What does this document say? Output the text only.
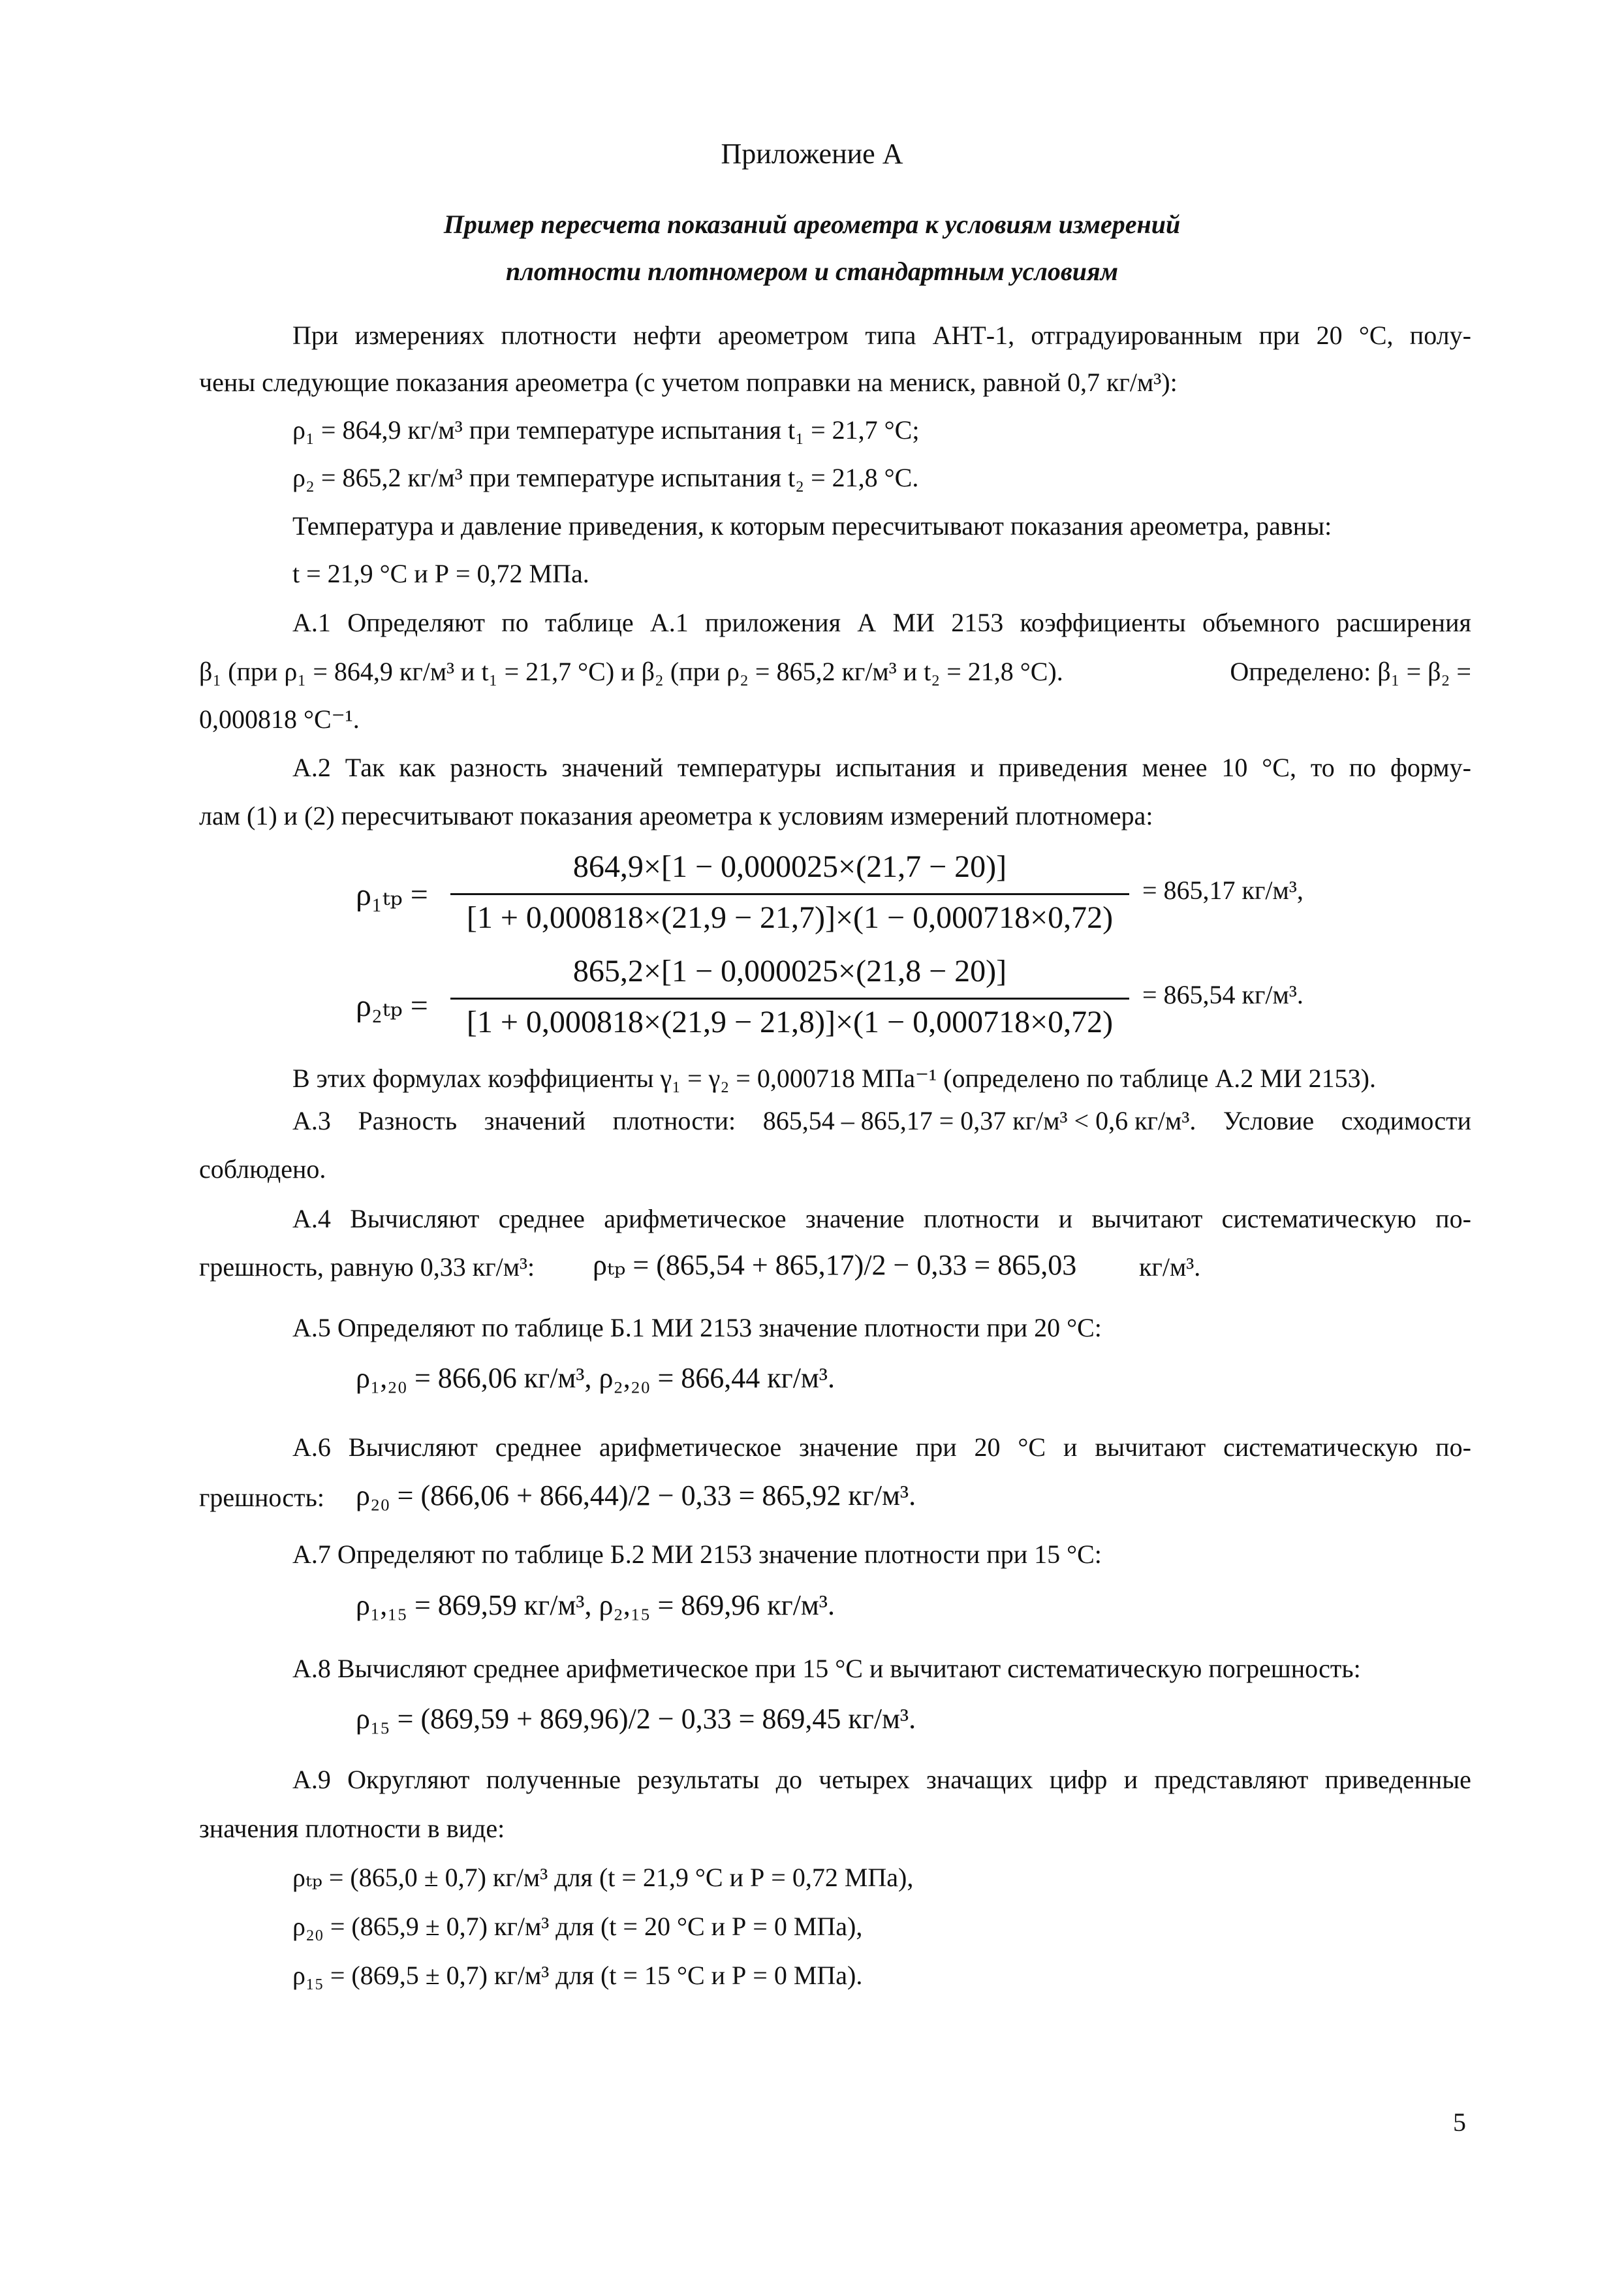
Приложение А
Пример пересчета показаний ареометра к условиям измерений
плотности плотномером и стандартным условиям
При измерениях плотности нефти ареометром типа АНТ-1, отградуированным при 20 °С, полу-
чены следующие показания ареометра (с учетом поправки на мениск, равной 0,7 кг/м³):
ρ₁ = 864,9 кг/м³ при температуре испытания t₁ = 21,7 °С;
ρ₂ = 865,2 кг/м³ при температуре испытания t₂ = 21,8 °С.
Температура и давление приведения, к которым пересчитывают показания ареометра, равны:
t = 21,9 °С и Р = 0,72 МПа.
А.1 Определяют по таблице А.1 приложения А МИ 2153 коэффициенты объемного расширения
β₁ (при ρ₁ = 864,9 кг/м³ и t₁ = 21,7 °С) и β₂ (при ρ₂ = 865,2 кг/м³ и t₂ = 21,8 °С).	Определено: β₁ = β₂ =
0,000818 °С⁻¹.
А.2 Так как разность значений температуры испытания и приведения менее 10 °С, то по форму-
лам (1) и (2) пересчитывают показания ареометра к условиям измерений плотномера:
ρ₁ₜₚ =
864,9×[1 − 0,000025×(21,7 − 20)]
[1 + 0,000818×(21,9 − 21,7)]×(1 − 0,000718×0,72)
= 865,17 кг/м³,
ρ₂ₜₚ =
865,2×[1 − 0,000025×(21,8 − 20)]
[1 + 0,000818×(21,9 − 21,8)]×(1 − 0,000718×0,72)
= 865,54 кг/м³.
В этих формулах коэффициенты γ₁ = γ₂ = 0,000718 МПа⁻¹ (определено по таблице А.2 МИ 2153).
А.3 Разность значений плотности: 865,54 – 865,17 = 0,37 кг/м³ < 0,6 кг/м³. Условие сходимости
соблюдено.
А.4 Вычисляют среднее арифметическое значение плотности и вычитают систематическую по-
грешность, равную 0,33 кг/м³: ρₜₚ = (865,54 + 865,17)/2 − 0,33 = 865,03 кг/м³.
А.5 Определяют по таблице Б.1 МИ 2153 значение плотности при 20 °С:
ρ₁,₂₀ = 866,06 кг/м³, ρ₂,₂₀ = 866,44 кг/м³.
А.6 Вычисляют среднее арифметическое значение при 20 °С и вычитают систематическую по-
грешность: ρ₂₀ = (866,06 + 866,44)/2 − 0,33 = 865,92 кг/м³.
А.7 Определяют по таблице Б.2 МИ 2153 значение плотности при 15 °С:
ρ₁,₁₅ = 869,59 кг/м³, ρ₂,₁₅ = 869,96 кг/м³.
А.8 Вычисляют среднее арифметическое при 15 °С и вычитают систематическую погрешность:
ρ₁₅ = (869,59 + 869,96)/2 − 0,33 = 869,45 кг/м³.
А.9 Округляют полученные результаты до четырех значащих цифр и представляют приведенные
значения плотности в виде:
ρₜₚ = (865,0 ± 0,7) кг/м³ для (t = 21,9 °С и Р = 0,72 МПа),
ρ₂₀ = (865,9 ± 0,7) кг/м³ для (t = 20 °С и Р = 0 МПа),
ρ₁₅ = (869,5 ± 0,7) кг/м³ для (t = 15 °С и Р = 0 МПа).
5
